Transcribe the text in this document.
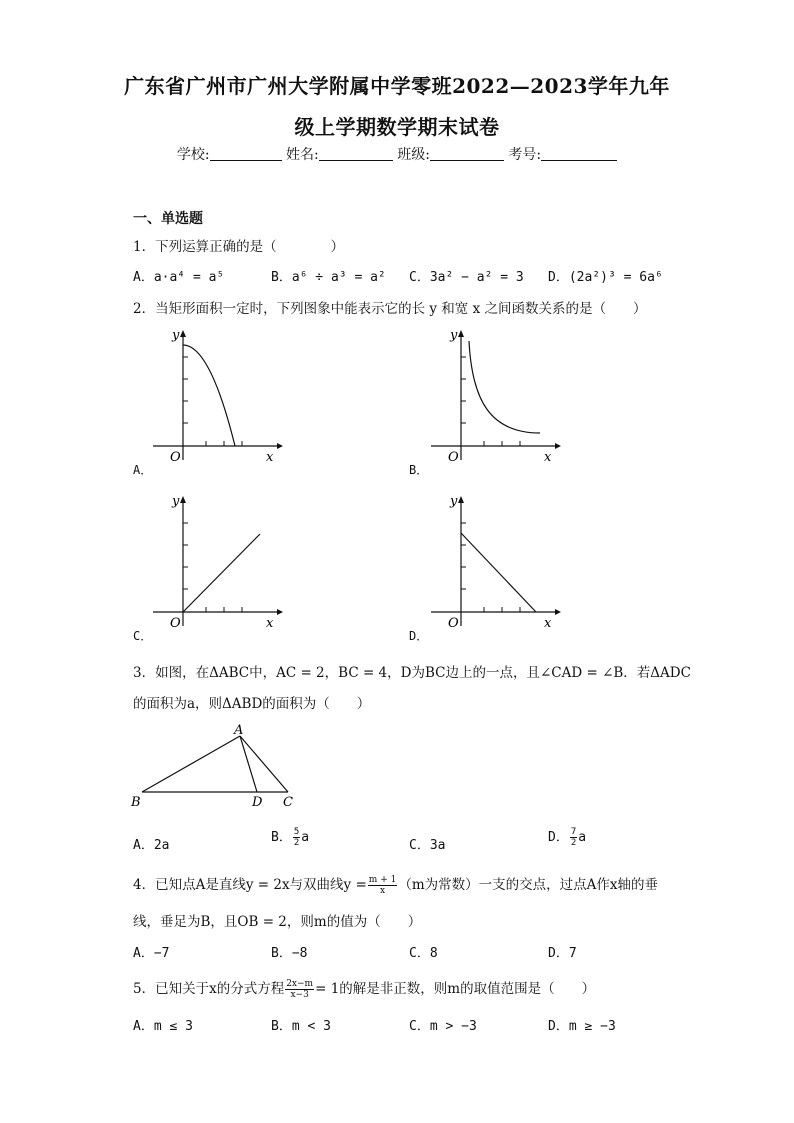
广东省广州市广州大学附属中学零班2022—2023学年九年
级上学期数学期末试卷
学校:	姓名:	班级:	考号:
一、单选题
1．下列运算正确的是（　　　　）
A．a·a⁴ = a⁵	B．a⁶ ÷ a³ = a² C．3a² − a² = 3 D．(2a²)³ = 6a⁶
2．当矩形面积一定时，下列图象中能表示它的长 y 和宽 x 之间函数关系的是（　　）
y
O	x
A．
y
O	x
B．
y
O	x
C．
y
O	x
D．
3．如图，在ΔABC中，AC = 2，BC = 4，D为BC边上的一点，且∠CAD = ∠B．若ΔADC
的面积为a，则ΔABD的面积为（　　）
A
B	D C
A．2a
B． $\frac{5}{2}$ a
C．3a
D． $\frac{7}{2}$ a
4．已知点A是直线y = 2x与双曲线$y = \frac{m + 1}{x} (m$为常数）一支的交点，过点A作x轴的垂
线，垂足为B，且OB = 2，则m的值为（　　）
A．−7	B．−8	C．8	D．7
5．已知关于x的分式方程 $\frac{2x-m}{x-3} = 1$的解是非正数，则m的取值范围是（　　）
A．m ≤ 3	B．m < 3	C．m > −3	D．m ≥ −3
